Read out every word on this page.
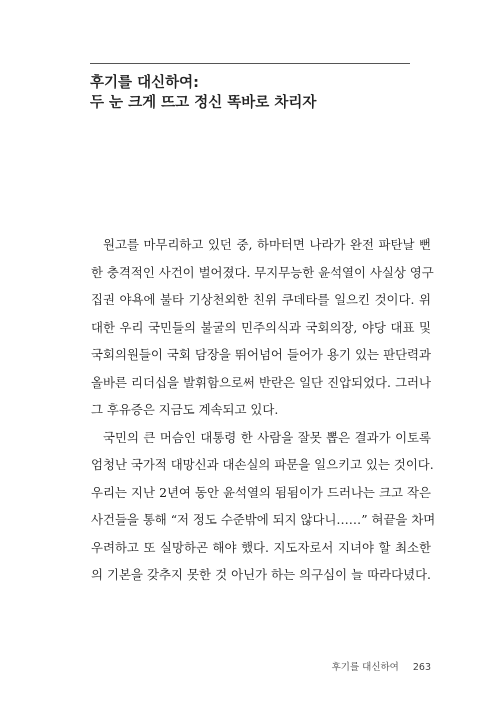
후기를 대신하여:
두 눈 크게 뜨고 정신 똑바로 차리자
원고를 마무리하고 있던 중, 하마터면 나라가 완전 파탄날 뻔
한 충격적인 사건이 벌어졌다. 무지무능한 윤석열이 사실상 영구
집권 야욕에 불타 기상천외한 친위 쿠데타를 일으킨 것이다. 위
대한 우리 국민들의 불굴의 민주의식과 국회의장, 야당 대표 및
국회의원들이 국회 담장을 뛰어넘어 들어가 용기 있는 판단력과
올바른 리더십을 발휘함으로써 반란은 일단 진압되었다. 그러나
그 후유증은 지금도 계속되고 있다.
국민의 큰 머슴인 대통령 한 사람을 잘못 뽑은 결과가 이토록
엄청난 국가적 대망신과 대손실의 파문을 일으키고 있는 것이다.
우리는 지난 2년여 동안 윤석열의 됨됨이가 드러나는 크고 작은
사건들을 통해 “저 정도 수준밖에 되지 않다니……” 혀끝을 차며
우려하고 또 실망하곤 해야 했다. 지도자로서 지녀야 할 최소한
의 기본을 갖추지 못한 것 아닌가 하는 의구심이 늘 따라다녔다.
후기를 대신하여 263
